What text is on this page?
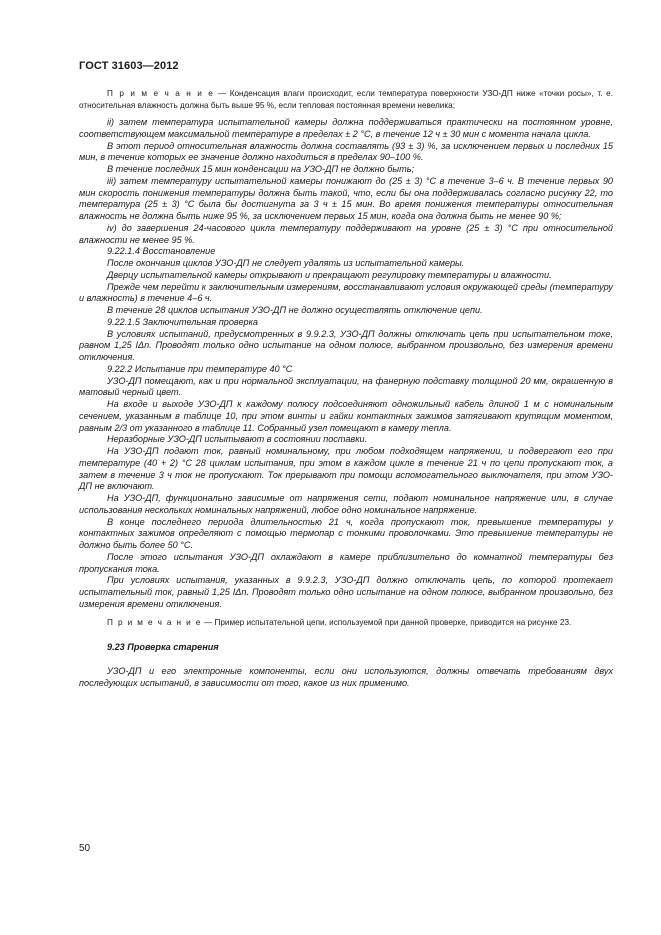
ГОСТ 31603—2012

П р и м е ч а н и е — Конденсация влаги происходит, если температура поверхности УЗО-ДП ниже «точки росы», т. е. относительная влажность должна быть выше 95 %, если тепловая постоянная времени невелика;

ii) затем температура испытательной камеры должна поддерживаться практически на постоянном уровне, соответствующем максимальной температуре в пределах ± 2 °С, в течение 12 ч ± 30 мин с момента начала цикла.

В этот период относительная влажность должна составлять (93 ± 3) %, за исключением первых и последних 15 мин, в течение которых ее значение должно находиться в пределах 90–100 %.

В течение последних 15 мин конденсации на УЗО-ДП не должно быть;

iii) затем температуру испытательной камеры понижают до (25 ± 3) °С в течение 3–6 ч. В течение первых 90 мин скорость понижения температуры должна быть такой, что, если бы она поддерживалась согласно рисунку 22, то температура (25 ± 3) °С была бы достигнута за 3 ч ± 15 мин. Во время понижения температуры относительная влажность не должна быть ниже 95 %, за исключением первых 15 мин, когда она должна быть не менее 90 %;

iv) до завершения 24-часового цикла температуру поддерживают на уровне (25 ± 3) °С при относительной влажности не менее 95 %.

9.22.1.4 Восстановление

После окончания циклов УЗО-ДП не следует удалять из испытательной камеры.

Дверцу испытательной камеры открывают и прекращают регулировку температуры и влажности.

Прежде чем перейти к заключительным измерениям, восстанавливают условия окружающей среды (температуру и влажность) в течение 4–6 ч.

В течение 28 циклов испытания УЗО-ДП не должно осуществлять отключение цепи.

9.22.1.5 Заключительная проверка

В условиях испытаний, предусмотренных в 9.9.2.3, УЗО-ДП должны отключать цепь при испытательном токе, равном 1,25 IΔn. Проводят только одно испытание на одном полюсе, выбранном произвольно, без измерения времени отключения.

9.22.2 Испытание при температуре 40 °С

УЗО-ДП помещают, как и при нормальной эксплуатации, на фанерную подставку толщиной 20 мм, окрашенную в матовый черный цвет.

На входе и выходе УЗО-ДП к каждому полюсу подсоединяют одножильный кабель длиной 1 м с номинальным сечением, указанным в таблице 10, при этом винты и гайки контактных зажимов затягивают крутящим моментом, равным 2/3 от указанного в таблице 11. Собранный узел помещают в камеру тепла.

Неразборные УЗО-ДП испытывают в состоянии поставки.

На УЗО-ДП подают ток, равный номинальному, при любом подходящем напряжении, и подвергают его при температуре (40 + 2) °С 28 циклам испытания, при этом в каждом цикле в течение 21 ч по цепи пропускают ток, а затем в течение 3 ч ток не пропускают. Ток прерывают при помощи вспомогательного выключателя, при этом УЗО-ДП не включают.

На УЗО-ДП, функционально зависимые от напряжения сети, подают номинальное напряжение или, в случае использования нескольких номинальных напряжений, любое одно номинальное напряжение.

В конце последнего периода длительностью 21 ч, когда пропускают ток, превышение температуры у контактных зажимов определяют с помощью термопар с тонкими проволочками. Это превышение температуры не должно быть более 50 °С.

После этого испытания УЗО-ДП охлаждают в камере приблизительно до комнатной температуры без пропускания тока.

При условиях испытания, указанных в 9.9.2.3, УЗО-ДП должно отключать цепь, по которой протекает испытательный ток, равный 1,25 IΔn. Проводят только одно испытание на одном полюсе, выбранном произвольно, без измерения времени отключения.

П р и м е ч а н и е — Пример испытательной цепи, используемой при данной проверке, приводится на рисунке 23.

9.23 Проверка старения

УЗО-ДП и его электронные компоненты, если они используются, должны отвечать требованиям двух последующих испытаний, в зависимости от того, какое из них применимо.

50
